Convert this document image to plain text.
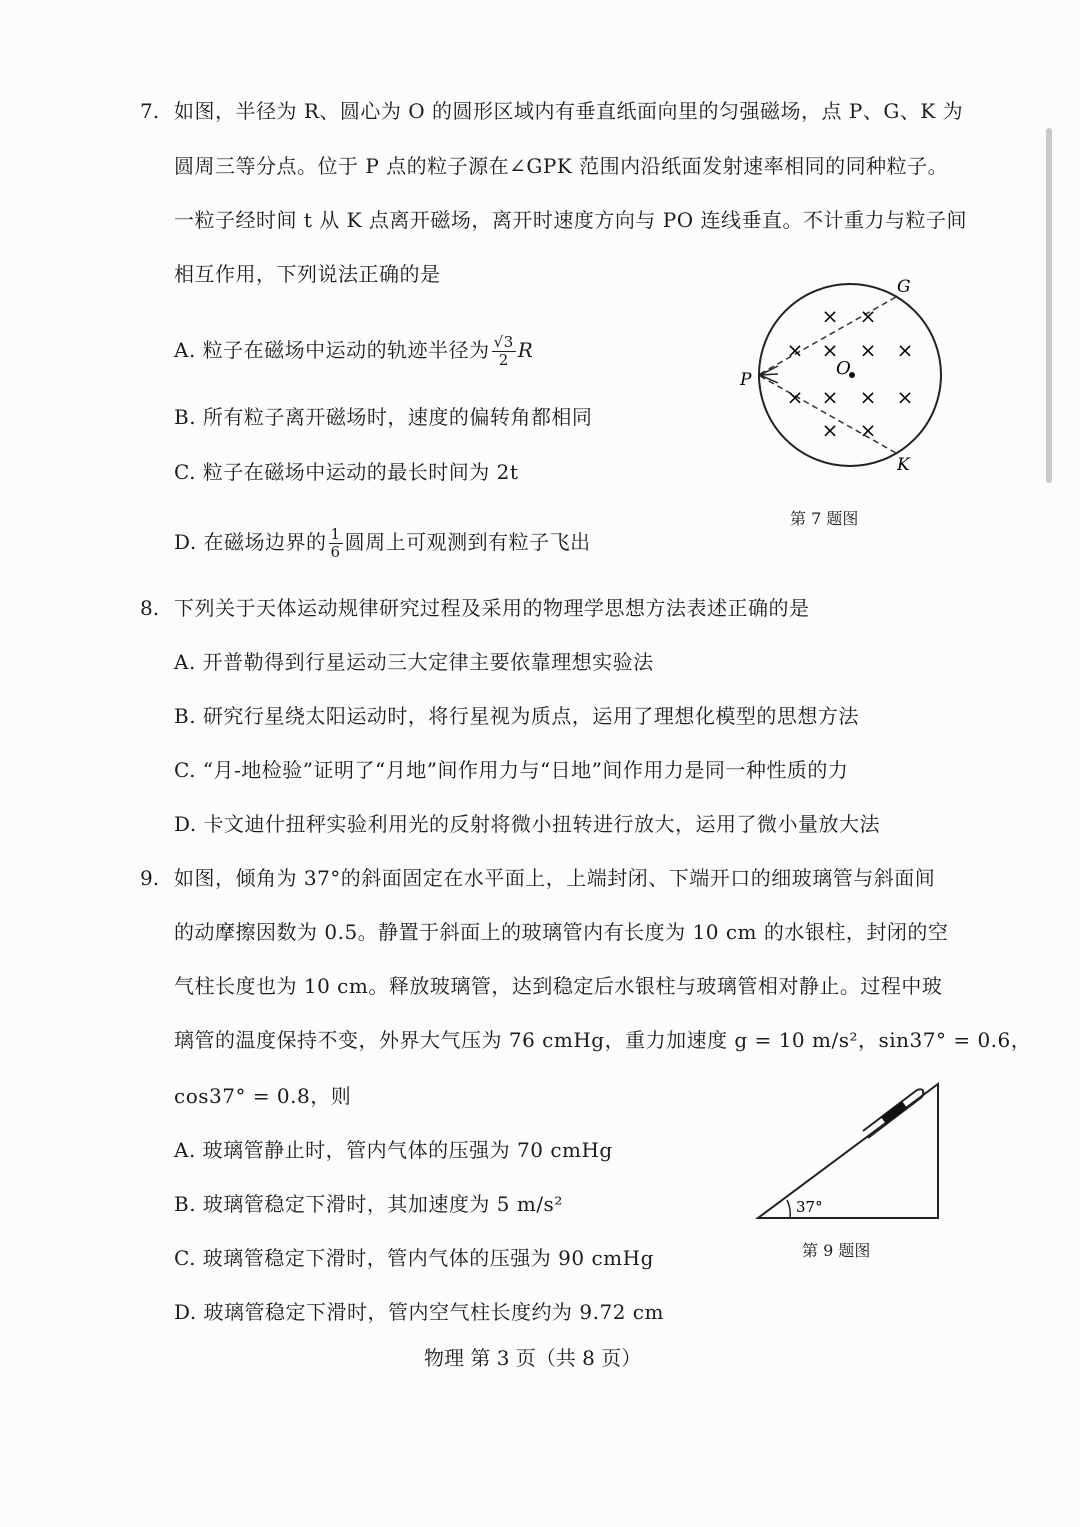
7. 如图，半径为 R、圆心为 O 的圆形区域内有垂直纸面向里的匀强磁场，点 P、G、K 为
圆周三等分点。位于 P 点的粒子源在∠GPK 范围内沿纸面发射速率相同的同种粒子。
一粒子经时间 t 从 K 点离开磁场，离开时速度方向与 PO 连线垂直。不计重力与粒子间
相互作用，下列说法正确的是
A. 粒子在磁场中运动的轨迹半径为 $\frac{√3}{2}$ R
B. 所有粒子离开磁场时，速度的偏转角都相同
C. 粒子在磁场中运动的最长时间为 2t
D. 在磁场边界的 $\frac{1}{6}$ 圆周上可观测到有粒子飞出
× ×
× × × ×
× × × ×
× ×
O
G
K
P
第 7 题图
8. 下列关于天体运动规律研究过程及采用的物理学思想方法表述正确的是
A. 开普勒得到行星运动三大定律主要依靠理想实验法
B. 研究行星绕太阳运动时，将行星视为质点，运用了理想化模型的思想方法
C. “月-地检验”证明了“月地”间作用力与“日地”间作用力是同一种性质的力
D. 卡文迪什扭秤实验利用光的反射将微小扭转进行放大，运用了微小量放大法
9. 如图，倾角为 37°的斜面固定在水平面上，上端封闭、下端开口的细玻璃管与斜面间
的动摩擦因数为 0.5。静置于斜面上的玻璃管内有长度为 10 cm 的水银柱，封闭的空
气柱长度也为 10 cm。释放玻璃管，达到稳定后水银柱与玻璃管相对静止。过程中玻
璃管的温度保持不变，外界大气压为 76 cmHg，重力加速度 g = 10 m/s²，sin37° = 0.6，
cos37° = 0.8，则
A. 玻璃管静止时，管内气体的压强为 70 cmHg
B. 玻璃管稳定下滑时，其加速度为 5 m/s²
C. 玻璃管稳定下滑时，管内气体的压强为 90 cmHg
D. 玻璃管稳定下滑时，管内空气柱长度约为 9.72 cm
37°
第 9 题图
物理 第 3 页（共 8 页）
